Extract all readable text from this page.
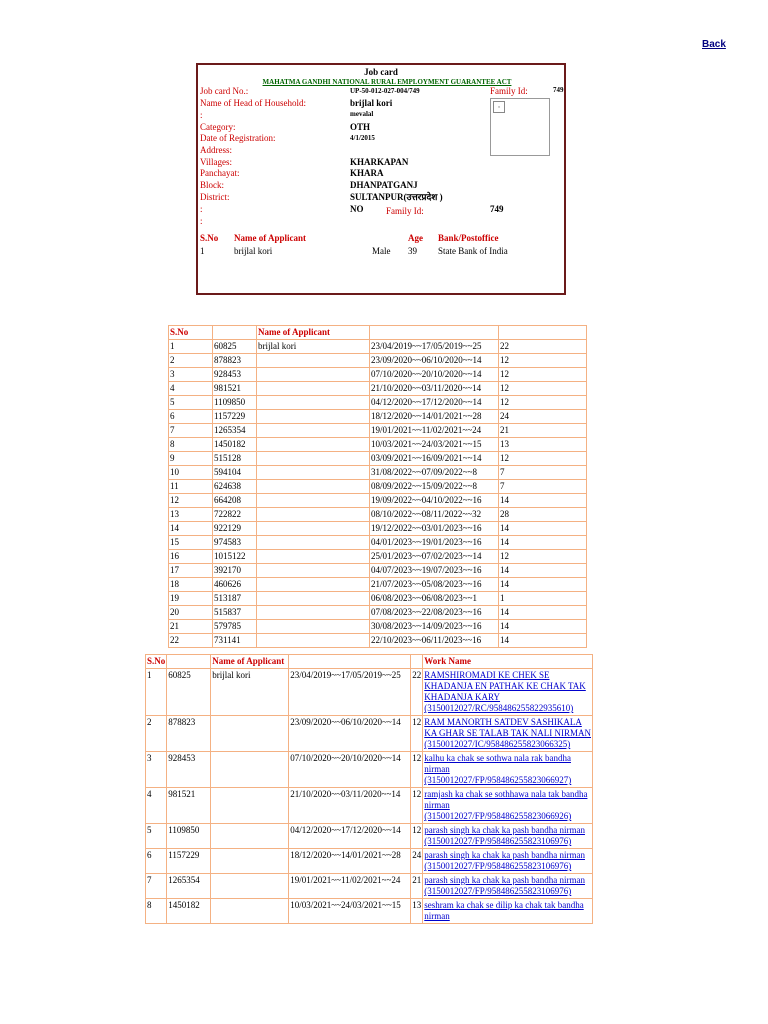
Back
Job card
MAHATMA GANDHI NATIONAL RURAL EMPLOYMENT GUARANTEE ACT
Job card No.:	UP-50-012-027-004/749	Family Id:	749
Name of Head of Household:	brijlal kori
:	mevalal
▫
Category:	OTH
Date of Registration:	4/1/2015
Address:
Villages:	KHARKAPAN
Panchayat:	KHARA
Block:	DHANPATGANJ
District:	SULTANPUR(उत्तरप्रदेश )
:	NO	Family Id:	749
:
S.No Name of Applicant	Age Bank/Postoffice
1	brijlal kori	Male 39 State Bank of India
S.No		Name of Applicant		
1	60825	brijlal kori	23/04/2019~~17/05/2019~~25	22
2	878823		23/09/2020~~06/10/2020~~14	12
3	928453		07/10/2020~~20/10/2020~~14	12
4	981521		21/10/2020~~03/11/2020~~14	12
5	1109850		04/12/2020~~17/12/2020~~14	12
6	1157229		18/12/2020~~14/01/2021~~28	24
7	1265354		19/01/2021~~11/02/2021~~24	21
8	1450182		10/03/2021~~24/03/2021~~15	13
9	515128		03/09/2021~~16/09/2021~~14	12
10	594104		31/08/2022~~07/09/2022~~8	7
11	624638		08/09/2022~~15/09/2022~~8	7
12	664208		19/09/2022~~04/10/2022~~16	14
13	722822		08/10/2022~~08/11/2022~~32	28
14	922129		19/12/2022~~03/01/2023~~16	14
15	974583		04/01/2023~~19/01/2023~~16	14
16	1015122		25/01/2023~~07/02/2023~~14	12
17	392170		04/07/2023~~19/07/2023~~16	14
18	460626		21/07/2023~~05/08/2023~~16	14
19	513187		06/08/2023~~06/08/2023~~1	1
20	515837		07/08/2023~~22/08/2023~~16	14
21	579785		30/08/2023~~14/09/2023~~16	14
22	731141		22/10/2023~~06/11/2023~~16	14
S.No		Name of Applicant			Work Name
1	60825	brijlal kori	23/04/2019~~17/05/2019~~25	22	RAMSHIROMADI KE CHEK SE KHADANJA EN PATHAK KE CHAK TAK KHADANJA KARY (3150012027/RC/958486255822935610)
2	878823		23/09/2020~~06/10/2020~~14	12	RAM MANORTH SATDEV SASHIKALA KA GHAR SE TALAB TAK NALI NIRMAN (3150012027/IC/958486255823066325)
3	928453		07/10/2020~~20/10/2020~~14	12	kalhu ka chak se sothwa nala rak bandha nirman (3150012027/FP/958486255823066927)
4	981521		21/10/2020~~03/11/2020~~14	12	ramjash ka chak se sothhawa nala tak bandha nirman (3150012027/FP/958486255823066926)
5	1109850		04/12/2020~~17/12/2020~~14	12	parash singh ka chak ka pash bandha nirman (3150012027/FP/958486255823106976)
6	1157229		18/12/2020~~14/01/2021~~28	24	parash singh ka chak ka pash bandha nirman (3150012027/FP/958486255823106976)
7	1265354		19/01/2021~~11/02/2021~~24	21	parash singh ka chak ka pash bandha nirman (3150012027/FP/958486255823106976)
8	1450182		10/03/2021~~24/03/2021~~15	13	seshram ka chak se dilip ka chak tak bandha nirman
